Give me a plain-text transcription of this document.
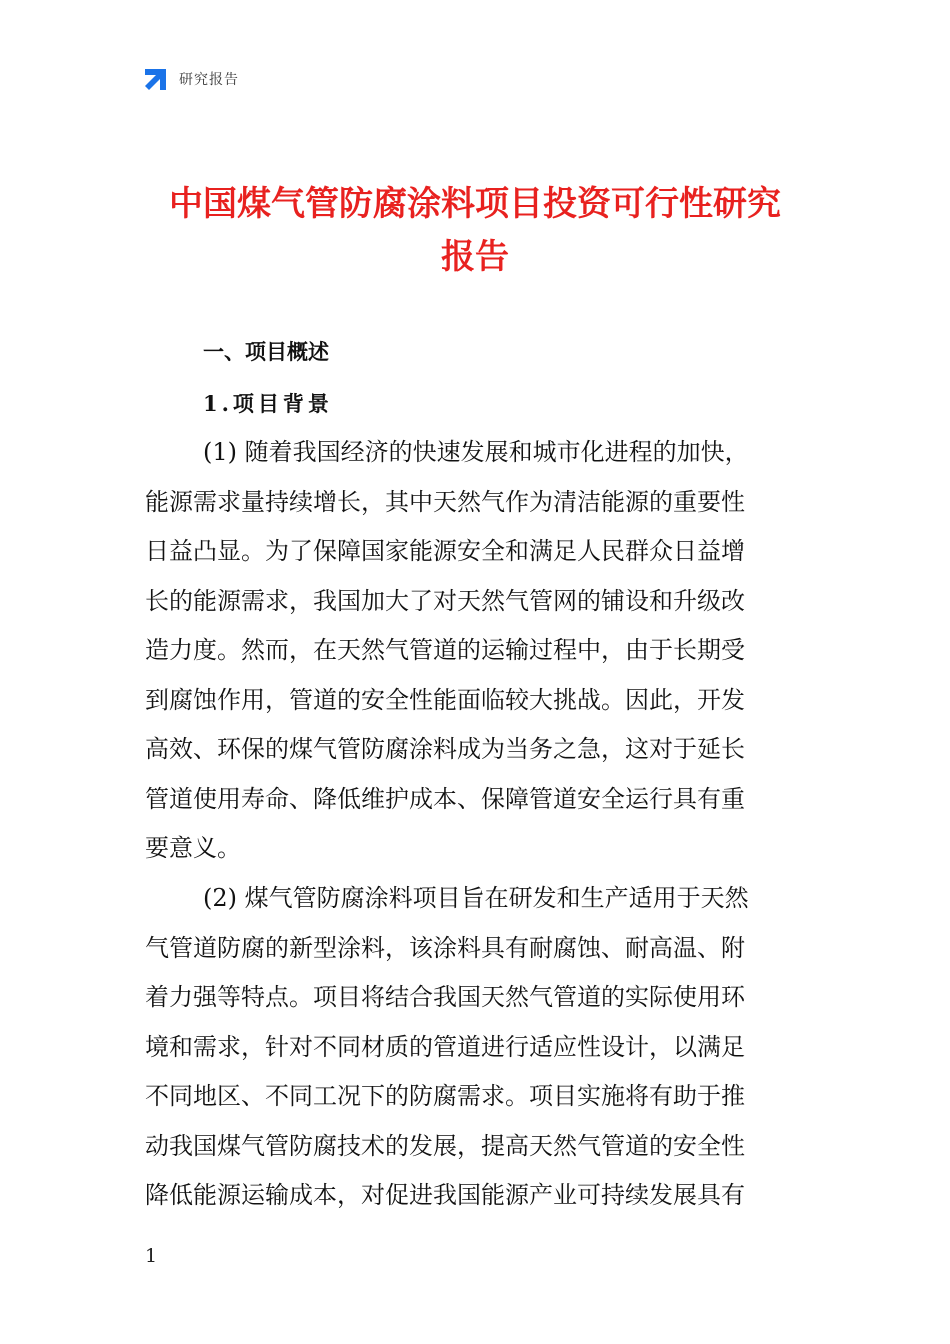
研究报告
中国煤气管防腐涂料项目投资可行性研究
报告
一、项目概述
1.项目背景

(1) 随着我国经济的快速发展和城市化进程的加快，
能源需求量持续增长，其中天然气作为清洁能源的重要性
日益凸显。为了保障国家能源安全和满足人民群众日益增
长的能源需求，我国加大了对天然气管网的铺设和升级改
造力度。然而，在天然气管道的运输过程中，由于长期受
到腐蚀作用，管道的安全性能面临较大挑战。因此，开发
高效、环保的煤气管防腐涂料成为当务之急，这对于延长
管道使用寿命、降低维护成本、保障管道安全运行具有重
要意义。

(2) 煤气管防腐涂料项目旨在研发和生产适用于天然
气管道防腐的新型涂料，该涂料具有耐腐蚀、耐高温、附
着力强等特点。项目将结合我国天然气管道的实际使用环
境和需求，针对不同材质的管道进行适应性设计，以满足
不同地区、不同工况下的防腐需求。项目实施将有助于推
动我国煤气管防腐技术的发展，提高天然气管道的安全性
降低能源运输成本，对促进我国能源产业可持续发展具有

1
